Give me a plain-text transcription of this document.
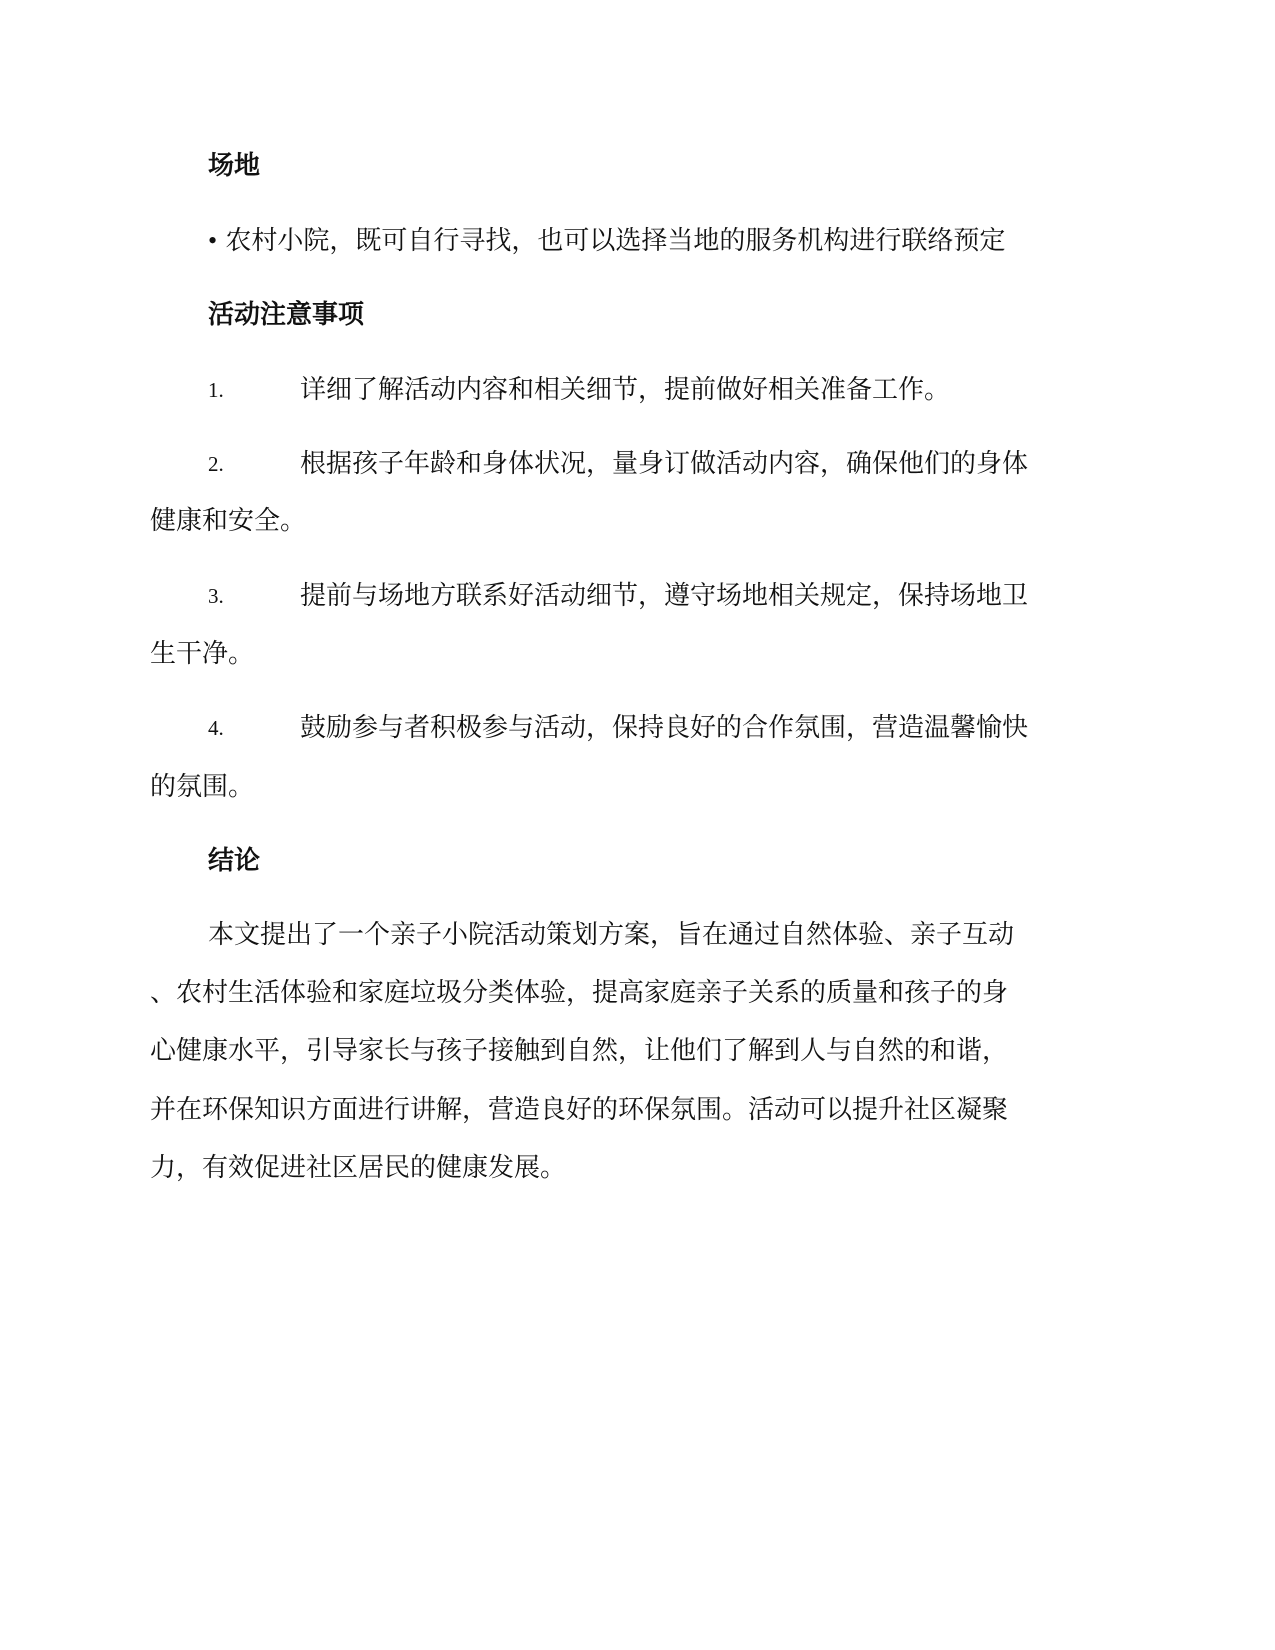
场地
• 农村小院，既可自行寻找，也可以选择当地的服务机构进行联络预定
活动注意事项
1.	详细了解活动内容和相关细节，提前做好相关准备工作。
2.	根据孩子年龄和身体状况，量身订做活动内容，确保他们的身体
健康和安全。
3.	提前与场地方联系好活动细节，遵守场地相关规定，保持场地卫
生干净。
4.	鼓励参与者积极参与活动，保持良好的合作氛围，营造温馨愉快
的氛围。
结论
本文提出了一个亲子小院活动策划方案，旨在通过自然体验、亲子互动
、农村生活体验和家庭垃圾分类体验，提高家庭亲子关系的质量和孩子的身
心健康水平，引导家长与孩子接触到自然，让他们了解到人与自然的和谐，
并在环保知识方面进行讲解，营造良好的环保氛围。活动可以提升社区凝聚
力，有效促进社区居民的健康发展。
